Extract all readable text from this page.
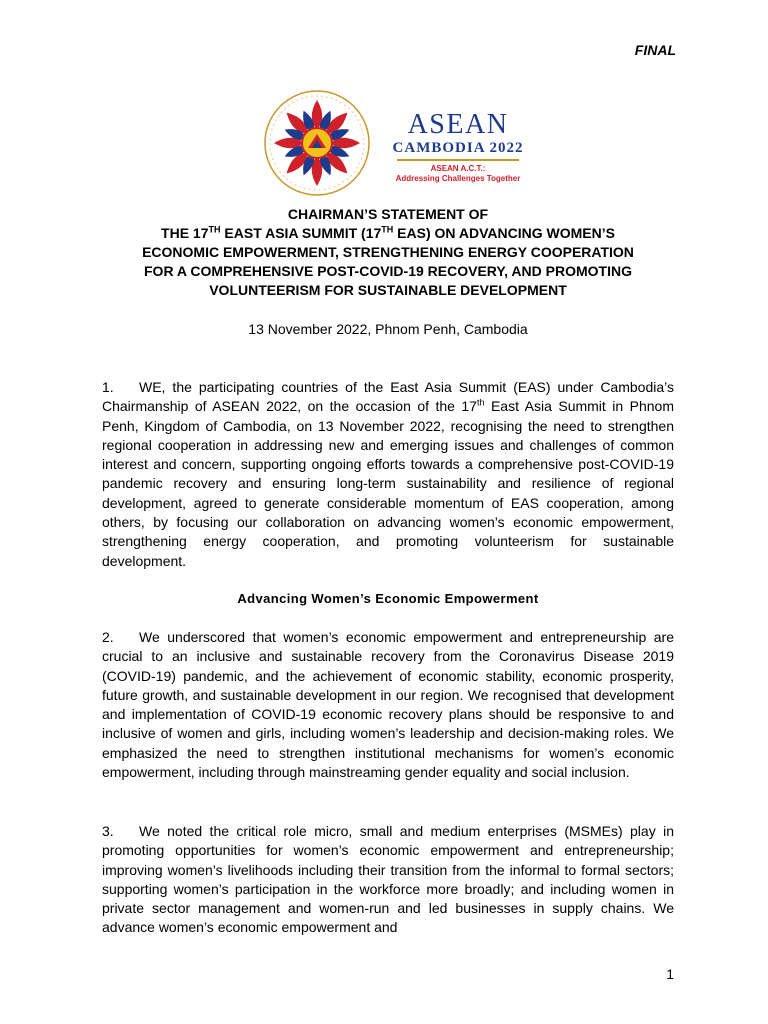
FINAL
ASEAN
CAMBODIA 2022
ASEAN A.C.T.:
Addressing Challenges Together
CHAIRMAN’S STATEMENT OF
THE 17TH EAST ASIA SUMMIT (17TH EAS) ON ADVANCING WOMEN’S
ECONOMIC EMPOWERMENT, STRENGTHENING ENERGY COOPERATION
FOR A COMPREHENSIVE POST-COVID-19 RECOVERY, AND PROMOTING
VOLUNTEERISM FOR SUSTAINABLE DEVELOPMENT
13 November 2022, Phnom Penh, Cambodia
1. WE, the participating countries of the East Asia Summit (EAS) under Cambodia’s Chairmanship of ASEAN 2022, on the occasion of the 17th East Asia Summit in Phnom Penh, Kingdom of Cambodia, on 13 November 2022, recognising the need to strengthen regional cooperation in addressing new and emerging issues and challenges of common interest and concern, supporting ongoing efforts towards a comprehensive post-COVID-19 pandemic recovery and ensuring long-term sustainability and resilience of regional development, agreed to generate considerable momentum of EAS cooperation, among others, by focusing our collaboration on advancing women’s economic empowerment, strengthening energy cooperation, and promoting volunteerism for sustainable development.
Advancing Women’s Economic Empowerment
2. We underscored that women’s economic empowerment and entrepreneurship are crucial to an inclusive and sustainable recovery from the Coronavirus Disease 2019 (COVID-19) pandemic, and the achievement of economic stability, economic prosperity, future growth, and sustainable development in our region. We recognised that development and implementation of COVID-19 economic recovery plans should be responsive to and inclusive of women and girls, including women’s leadership and decision-making roles. We emphasized the need to strengthen institutional mechanisms for women’s economic empowerment, including through mainstreaming gender equality and social inclusion.
3. We noted the critical role micro, small and medium enterprises (MSMEs) play in promoting opportunities for women’s economic empowerment and entrepreneurship; improving women’s livelihoods including their transition from the informal to formal sectors; supporting women’s participation in the workforce more broadly; and including women in private sector management and women-run and led businesses in supply chains. We advance women’s economic empowerment and
1
